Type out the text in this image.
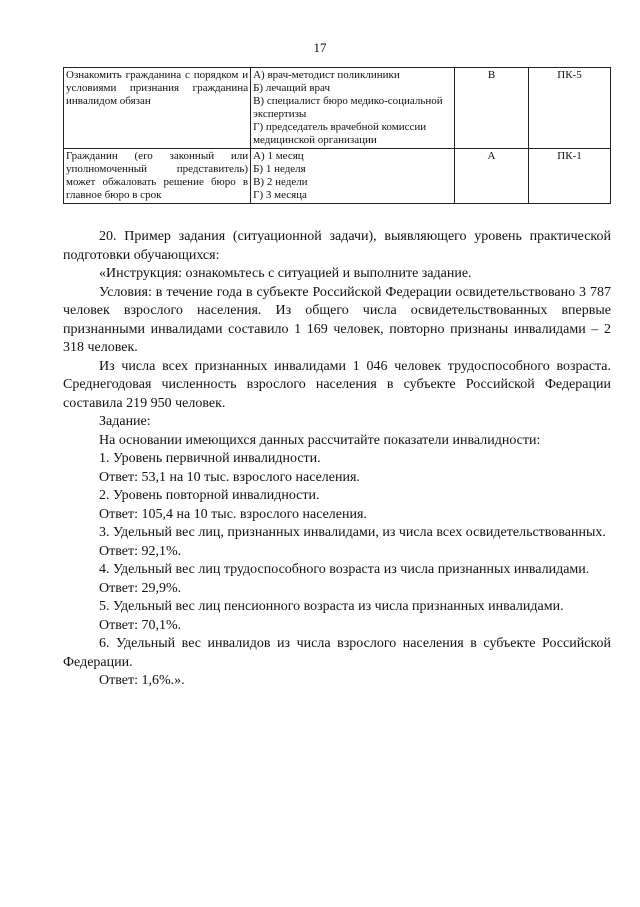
17
Ознакомить гражданина с порядком и условиями признания гражданина инвалидом обязан	А) врач-методист поликлиники
Б) лечащий врач
В) специалист бюро медико-социальной экспертизы
Г) председатель врачебной комиссии медицинской организации	В	ПК-5
Гражданин (его законный или уполномоченный представитель) может обжаловать решение бюро в главное бюро в срок	А) 1 месяц
Б) 1 неделя
В) 2 недели
Г) 3 месяца	А	ПК-1

20. Пример задания (ситуационной задачи), выявляющего уровень практической подготовки обучающихся:

«Инструкция: ознакомьтесь с ситуацией и выполните задание.

Условия: в течение года в субъекте Российской Федерации освидетельствовано 3 787 человек взрослого населения. Из общего числа освидетельствованных впервые признанными инвалидами составило 1 169 человек, повторно признаны инвалидами – 2 318 человек.

Из числа всех признанных инвалидами 1 046 человек трудоспособного возраста. Среднегодовая численность взрослого населения в субъекте Российской Федерации составила 219 950 человек.

Задание:

На основании имеющихся данных рассчитайте показатели инвалидности:

1. Уровень первичной инвалидности.

Ответ: 53,1 на 10 тыс. взрослого населения.

2. Уровень повторной инвалидности.

Ответ: 105,4 на 10 тыс. взрослого населения.

3. Удельный вес лиц, признанных инвалидами, из числа всех освидетельствованных.

Ответ: 92,1%.

4. Удельный вес лиц трудоспособного возраста из числа признанных инвалидами.

Ответ: 29,9%.

5. Удельный вес лиц пенсионного возраста из числа признанных инвалидами.

Ответ: 70,1%.

6. Удельный вес инвалидов из числа взрослого населения в субъекте Российской Федерации.

Ответ: 1,6%.».
